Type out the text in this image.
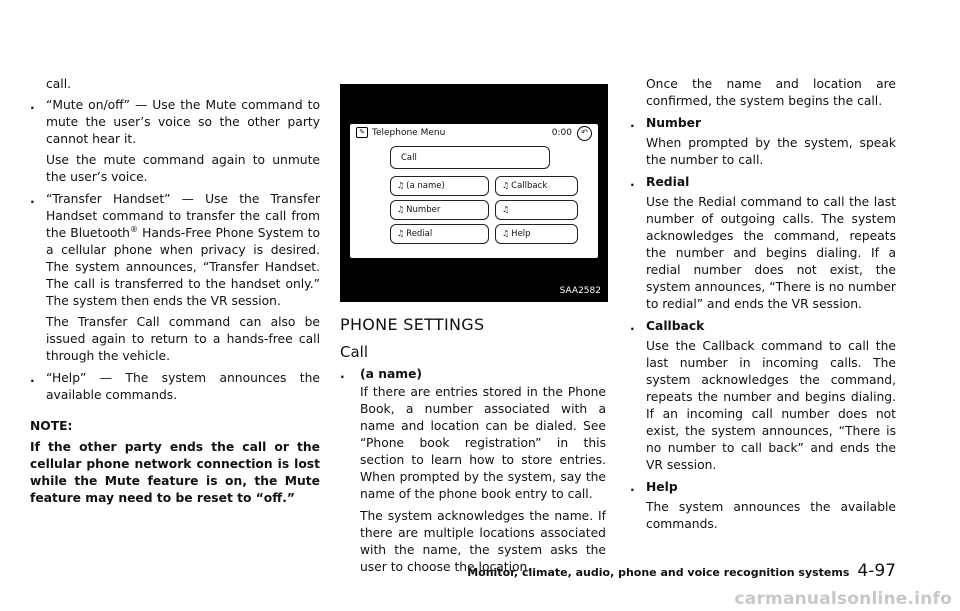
call.

. “Mute on/off” — Use the Mute command to mute the user’s voice so the other party cannot hear it.

Use the mute command again to unmute the user’s voice.

. “Transfer Handset” — Use the Transfer Handset command to transfer the call from the Bluetooth® Hands-Free Phone System to a cellular phone when privacy is desired. The system announces, “Transfer Handset. The call is transferred to the handset only.” The system then ends the VR session.

The Transfer Call command can also be issued again to return to a hands-free call through the vehicle.

. “Help” — The system announces the available commands.

NOTE:

If the other party ends the call or the cellular phone network connection is lost while the Mute feature is on, the Mute feature may need to be reset to “off.”

✎ Telephone Menu	0:00	↶
Call
♫ (a name)	♫ Callback
♫ Number	♫
♫ Redial	♫ Help
SAA2582
PHONE SETTINGS
Call
. (a name)

If there are entries stored in the Phone Book, a number associated with a name and location can be dialed. See “Phone book registration” in this section to learn how to store entries. When prompted by the system, say the name of the phone book entry to call.

The system acknowledges the name. If there are multiple locations associated with the name, the system asks the user to choose the location.

Once the name and location are confirmed, the system begins the call.

. Number

When prompted by the system, speak the number to call.

. Redial

Use the Redial command to call the last number of outgoing calls. The system acknowledges the command, repeats the number and begins dialing. If a redial number does not exist, the system announces, “There is no number to redial” and ends the VR session.

. Callback

Use the Callback command to call the last number in incoming calls. The system acknowledges the command, repeats the number and begins dialing. If an incoming call number does not exist, the system announces, “There is no number to call back” and ends the VR session.

. Help

The system announces the available commands.

Monitor, climate, audio, phone and voice recognition systems 4-97
carmanualsonline.info
